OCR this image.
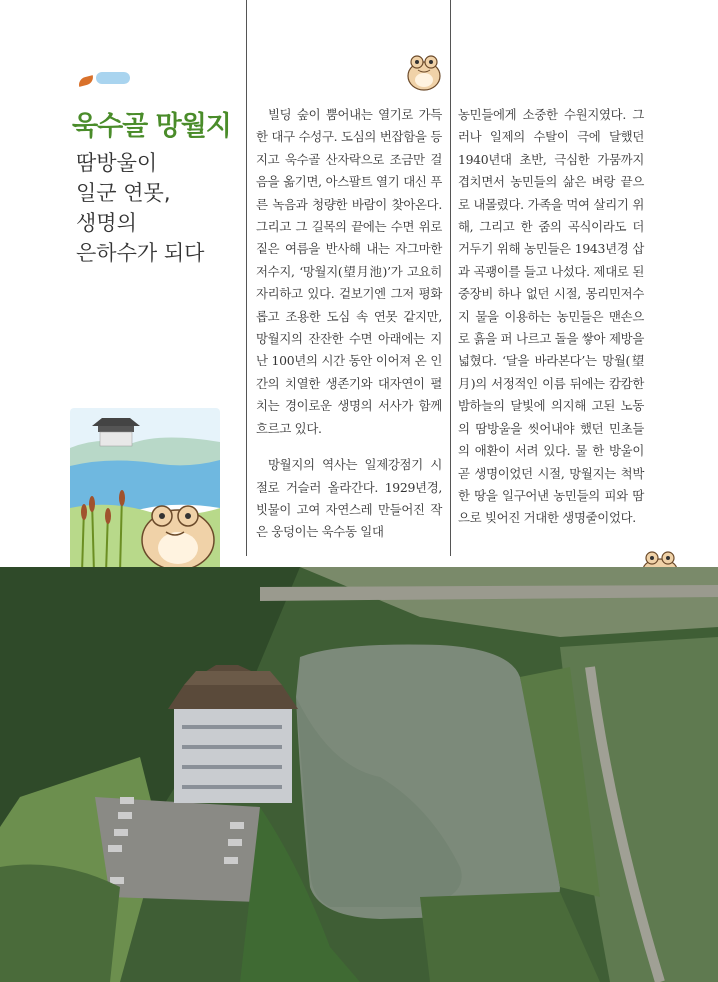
욱수골 망월지

땀방울이
일군 연못,
생명의
은하수가 되다

빌딩 숲이 뿜어내는 열기로 가득한 대구 수성구. 도심의 번잡함을 등지고 욱수골 산자락으로 조금만 걸음을 옮기면, 아스팔트 열기 대신 푸른 녹음과 청량한 바람이 찾아온다. 그리고 그 길목의 끝에는 수면 위로 짙은 여름을 반사해 내는 자그마한 저수지, ‘망월지(望月池)’가 고요히 자리하고 있다. 겉보기엔 그저 평화롭고 조용한 도심 속 연못 같지만, 망월지의 잔잔한 수면 아래에는 지난 100년의 시간 동안 이어져 온 인간의 치열한 생존기와 대자연이 펼치는 경이로운 생명의 서사가 함께 흐르고 있다.

망월지의 역사는 일제강점기 시절로 거슬러 올라간다. 1929년경, 빗물이 고여 자연스레 만들어진 작은 웅덩이는 욱수동 일대

농민들에게 소중한 수원지였다. 그러나 일제의 수탈이 극에 달했던 1940년대 초반, 극심한 가뭄까지 겹치면서 농민들의 삶은 벼랑 끝으로 내몰렸다. 가족을 먹여 살리기 위해, 그리고 한 줌의 곡식이라도 더 거두기 위해 농민들은 1943년경 삽과 곡괭이를 들고 나섰다. 제대로 된 중장비 하나 없던 시절, 몽리민저수지 물을 이용하는 농민들은 맨손으로 흙을 퍼 나르고 돌을 쌓아 제방을 넓혔다. ‘달을 바라본다’는 망월(望月)의 서정적인 이름 뒤에는 캄캄한 밤하늘의 달빛에 의지해 고된 노동의 땀방울을 씻어내야 했던 민초들의 애환이 서려 있다. 물 한 방울이 곧 생명이었던 시절, 망월지는 척박한 땅을 일구어낸 농민들의 피와 땀으로 빚어진 거대한 생명줄이었다.
